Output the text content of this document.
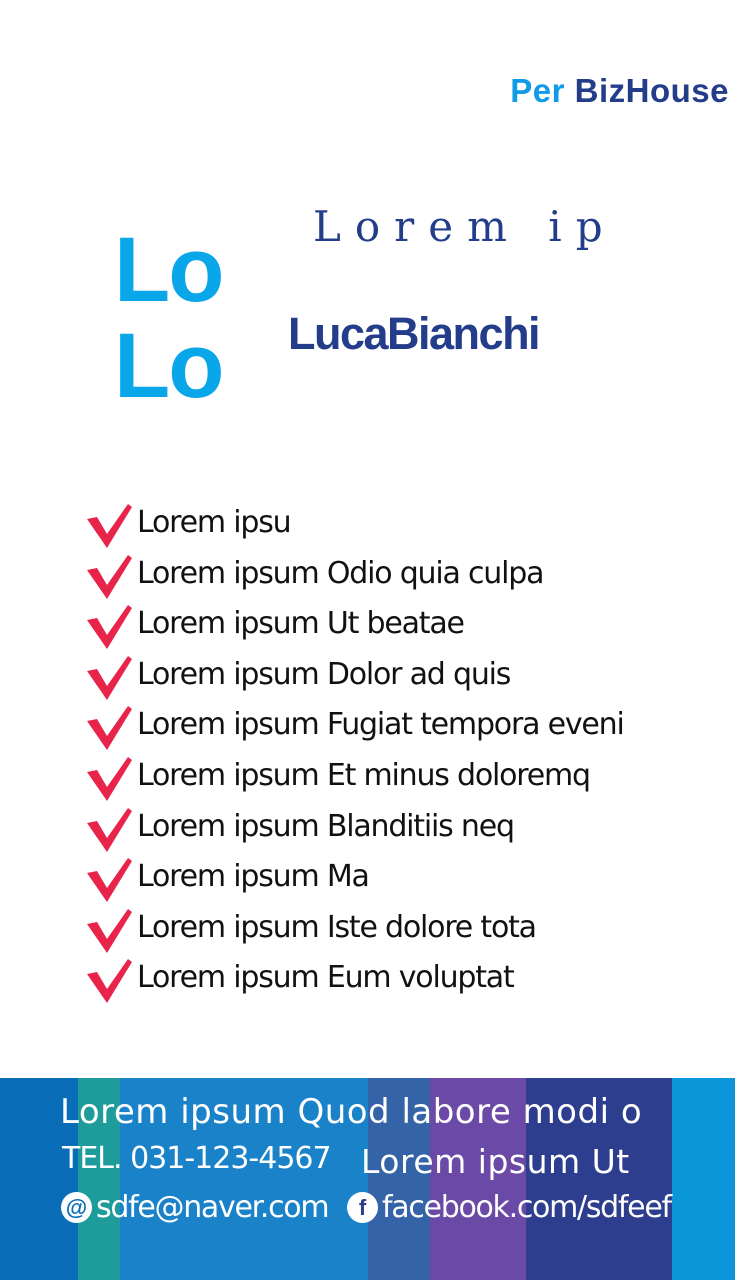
Per BizHouse
Lo
Lo
Lorem ip
LucaBianchi
Lorem ipsu
Lorem ipsum Odio quia culpa
Lorem ipsum Ut beatae
Lorem ipsum Dolor ad quis
Lorem ipsum Fugiat tempora eveni
Lorem ipsum Et minus doloremq
Lorem ipsum Blanditiis neq
Lorem ipsum Ma
Lorem ipsum Iste dolore tota
Lorem ipsum Eum voluptat
Lorem ipsum Quod labore modi o
TEL. 031-123-4567 Lorem ipsum Ut
@ sdfe@naver.com f facebook.com/sdfeef
